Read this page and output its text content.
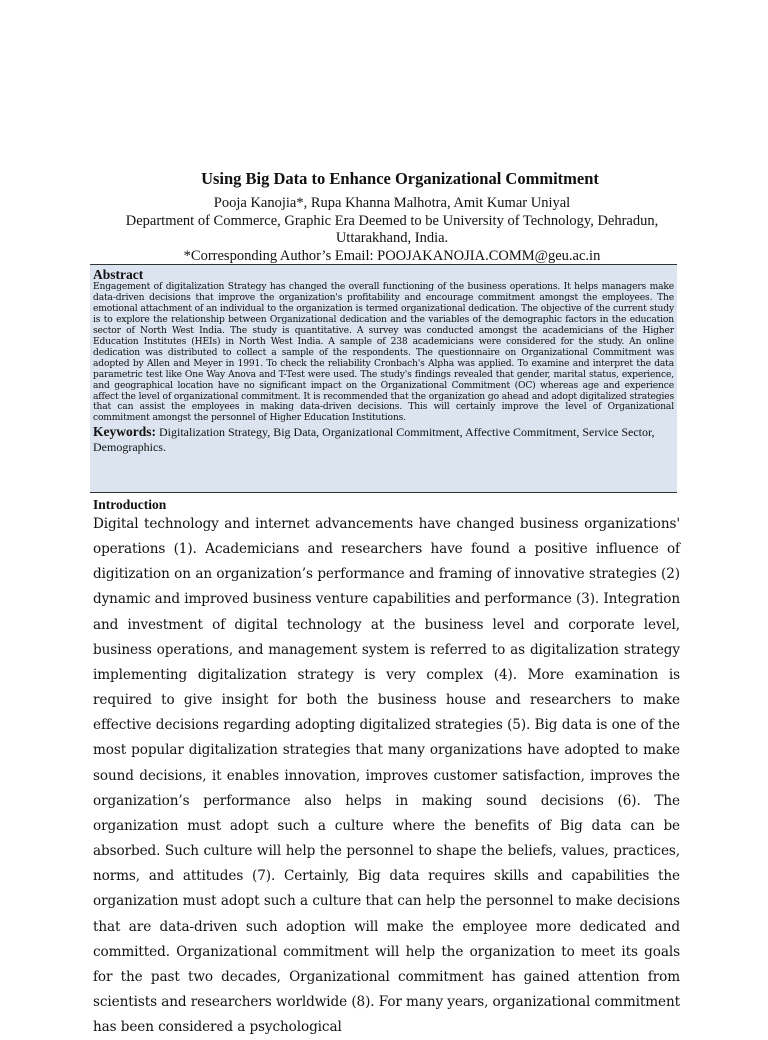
Using Big Data to Enhance Organizational Commitment
Pooja Kanojia*, Rupa Khanna Malhotra, Amit Kumar Uniyal
Department of Commerce, Graphic Era Deemed to be University of Technology, Dehradun,
Uttarakhand, India.
*Corresponding Author’s Email: POOJAKANOJIA.COMM@geu.ac.in
Abstract

Engagement of digitalization Strategy has changed the overall functioning of the business operations. It helps managers make data-driven decisions that improve the organization's profitability and encourage commitment amongst the employees. The emotional attachment of an individual to the organization is termed organizational dedication. The objective of the current study is to explore the relationship between Organizational dedication and the variables of the demographic factors in the education sector of North West India. The study is quantitative. A survey was conducted amongst the academicians of the Higher Education Institutes (HEIs) in North West India. A sample of 238 academicians were considered for the study. An online dedication was distributed to collect a sample of the respondents. The questionnaire on Organizational Commitment was adopted by Allen and Meyer in 1991. To check the reliability Cronbach's Alpha was applied. To examine and interpret the data parametric test like One Way Anova and T-Test were used. The study's findings revealed that gender, marital status, experience, and geographical location have no significant impact on the Organizational Commitment (OC) whereas age and experience affect the level of organizational commitment. It is recommended that the organization go ahead and adopt digitalized strategies that can assist the employees in making data-driven decisions. This will certainly improve the level of Organizational commitment amongst the personnel of Higher Education Institutions.

Keywords: Digitalization Strategy, Big Data, Organizational Commitment, Affective Commitment, Service Sector, Demographics.

Introduction

Digital technology and internet advancements have changed business organizations' operations (1). Academicians and researchers have found a positive influence of digitization on an organization’s performance and framing of innovative strategies (2) dynamic and improved business venture capabilities and performance (3). Integration and investment of digital technology at the business level and corporate level, business operations, and management system is referred to as digitalization strategy implementing digitalization strategy is very complex (4). More examination is required to give insight for both the business house and researchers to make effective decisions regarding adopting digitalized strategies (5). Big data is one of the most popular digitalization strategies that many organizations have adopted to make sound decisions, it enables innovation, improves customer satisfaction, improves the organization’s performance also helps in making sound decisions (6). The organization must adopt such a culture where the benefits of Big data can be absorbed. Such culture will help the personnel to shape the beliefs, values, practices, norms, and attitudes (7). Certainly, Big data requires skills and capabilities the organization must adopt such a culture that can help the personnel to make decisions that are data-driven such adoption will make the employee more dedicated and committed. Organizational commitment will help the organization to meet its goals for the past two decades, Organizational commitment has gained attention from scientists and researchers worldwide (8). For many years, organizational commitment has been considered a psychological
